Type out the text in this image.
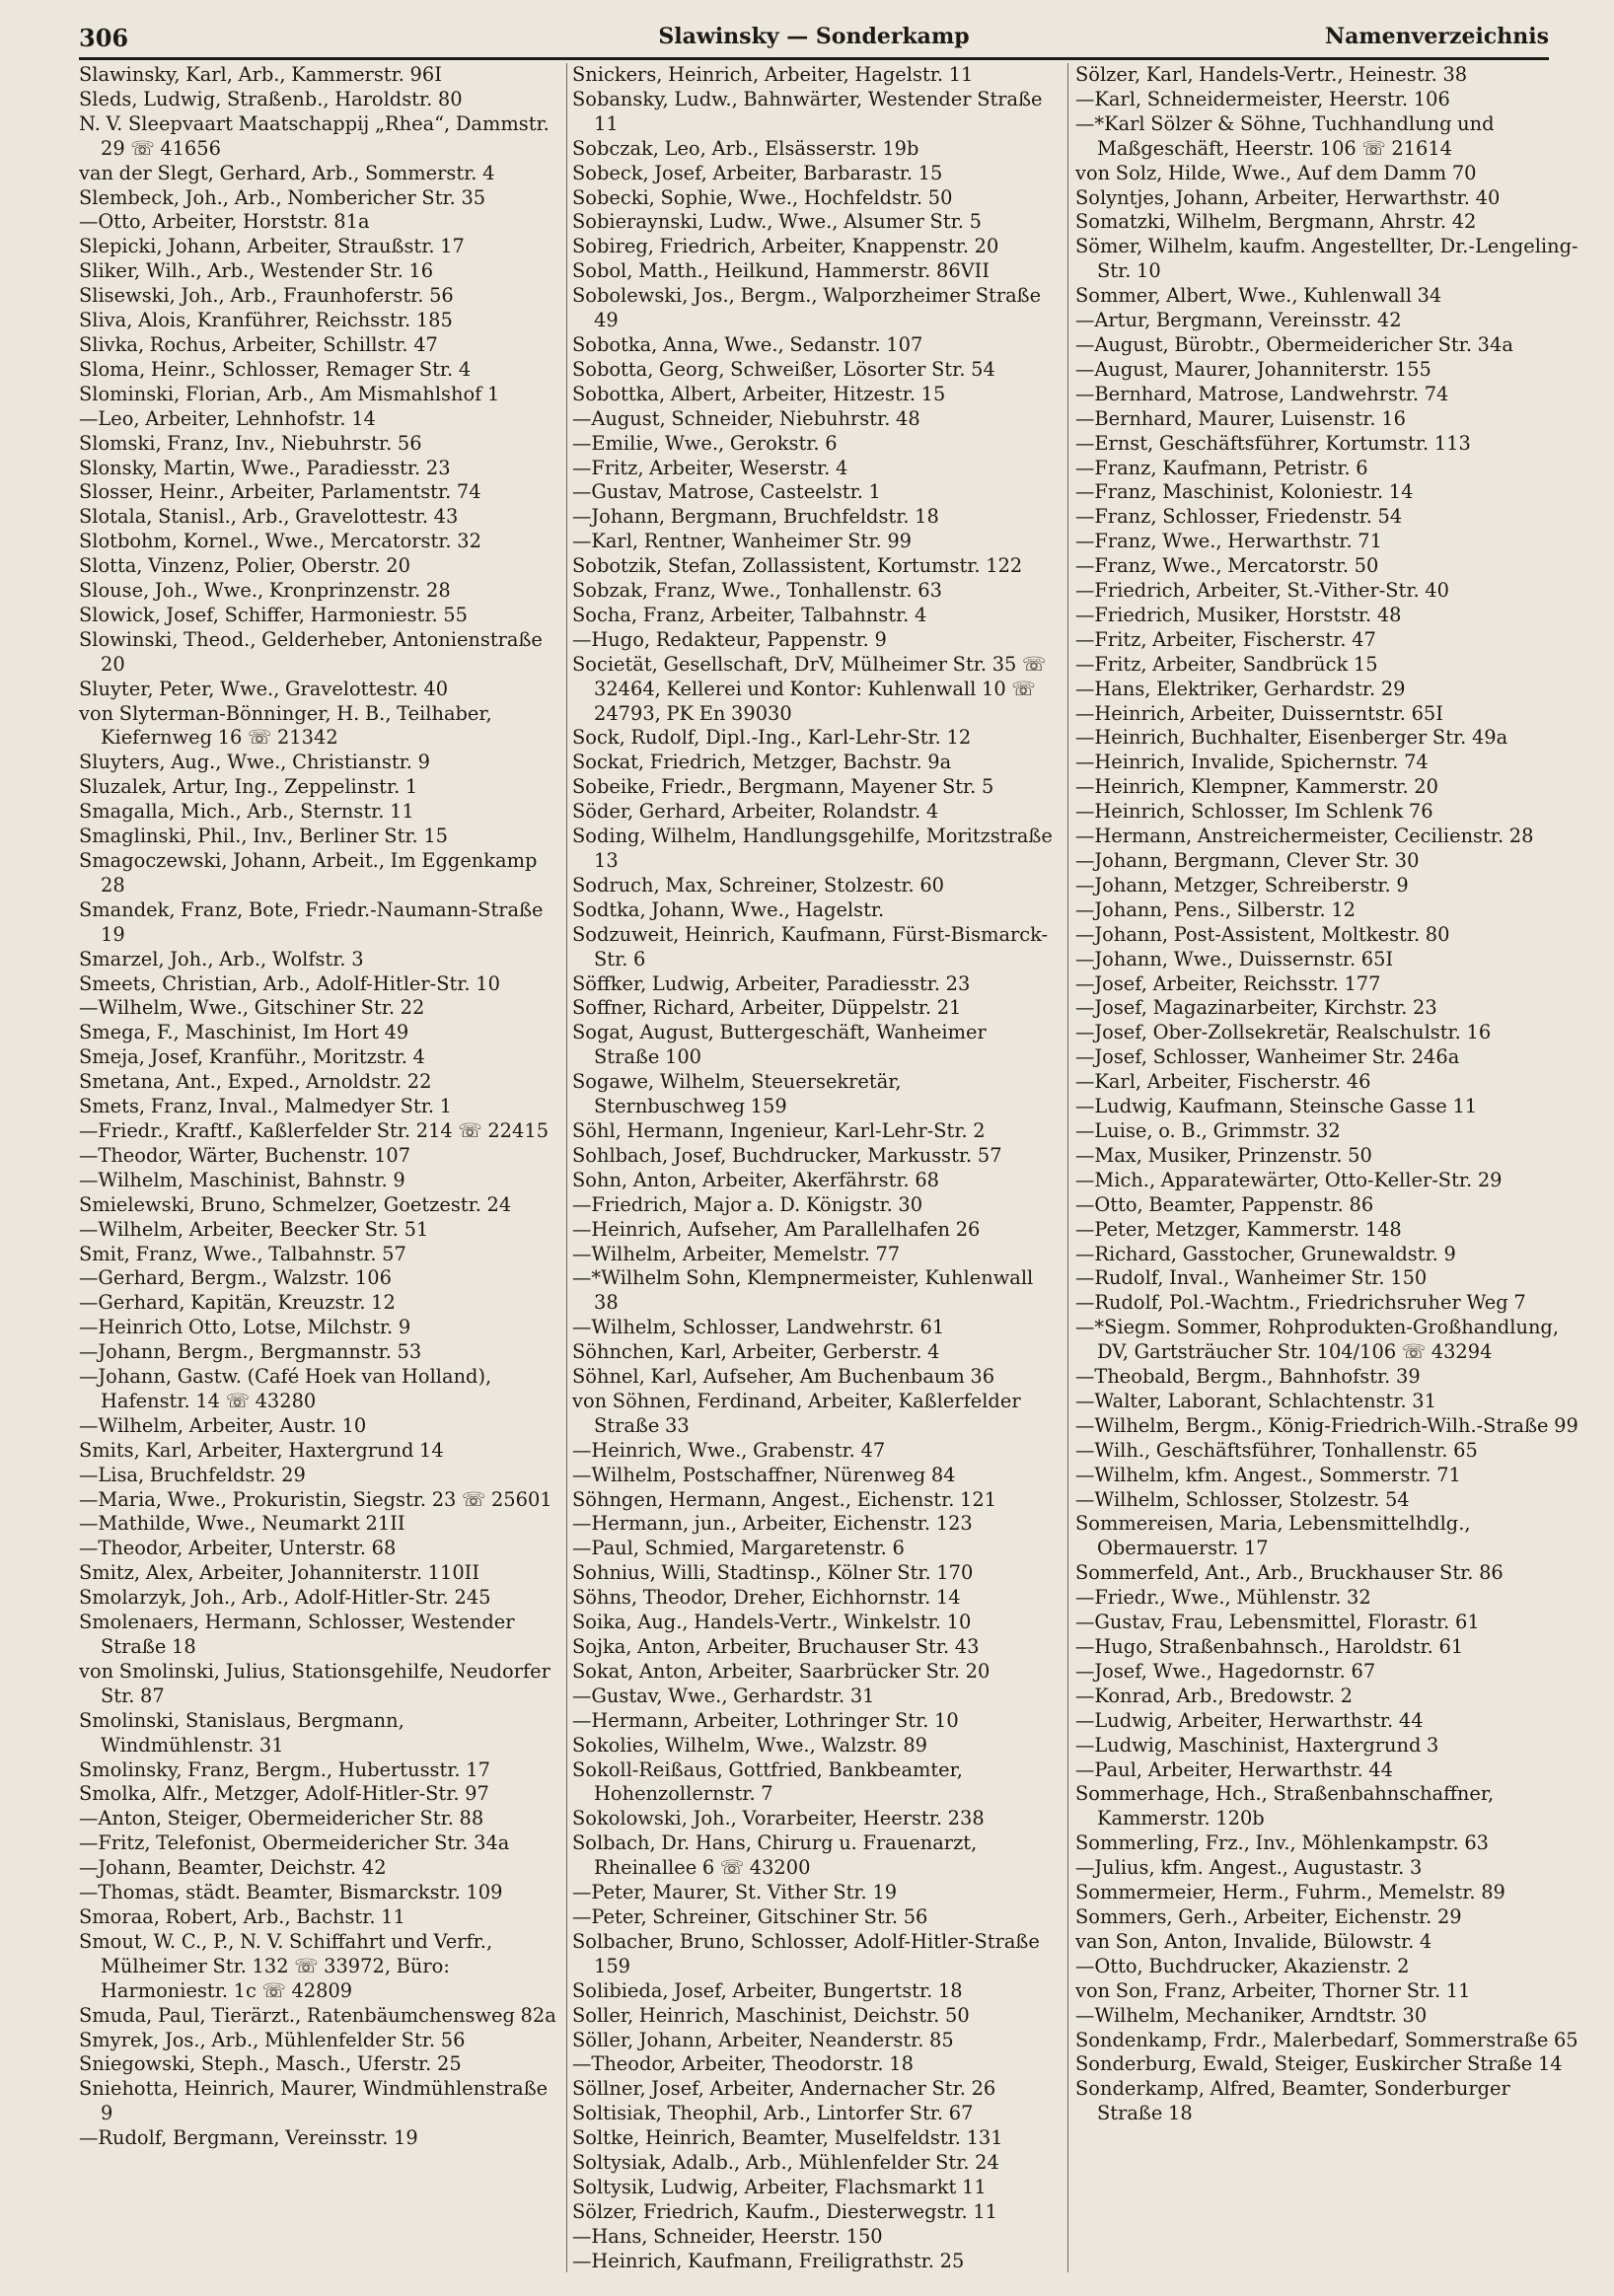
306	Slawinsky — Sonderkamp	Namenverzeichnis

Slawinsky, Karl, Arb., Kammerstr. 96I

Sleds, Ludwig, Straßenb., Haroldstr. 80

N. V. Sleepvaart Maatschappij „Rhea“, Dammstr. 29 ☏ 41656

van der Slegt, Gerhard, Arb., Sommerstr. 4

Slembeck, Joh., Arb., Nombericher Str. 35

—Otto, Arbeiter, Horststr. 81a

Slepicki, Johann, Arbeiter, Straußstr. 17

Sliker, Wilh., Arb., Westender Str. 16

Slisewski, Joh., Arb., Fraunhoferstr. 56

Sliva, Alois, Kranführer, Reichsstr. 185

Slivka, Rochus, Arbeiter, Schillstr. 47

Sloma, Heinr., Schlosser, Remager Str. 4

Slominski, Florian, Arb., Am Mismahlshof 1

—Leo, Arbeiter, Lehnhofstr. 14

Slomski, Franz, Inv., Niebuhrstr. 56

Slonsky, Martin, Wwe., Paradiesstr. 23

Slosser, Heinr., Arbeiter, Parlamentstr. 74

Slotala, Stanisl., Arb., Gravelottestr. 43

Slotbohm, Kornel., Wwe., Mercatorstr. 32

Slotta, Vinzenz, Polier, Oberstr. 20

Slouse, Joh., Wwe., Kronprinzenstr. 28

Slowick, Josef, Schiffer, Harmoniestr. 55

Slowinski, Theod., Gelderheber, Antonienstraße 20

Sluyter, Peter, Wwe., Gravelottestr. 40

von Slyterman-Bönninger, H. B., Teilhaber, Kiefernweg 16 ☏ 21342

Sluyters, Aug., Wwe., Christianstr. 9

Sluzalek, Artur, Ing., Zeppelinstr. 1

Smagalla, Mich., Arb., Sternstr. 11

Smaglinski, Phil., Inv., Berliner Str. 15

Smagoczewski, Johann, Arbeit., Im Eggenkamp 28

Smandek, Franz, Bote, Friedr.-Naumann-Straße 19

Smarzel, Joh., Arb., Wolfstr. 3

Smeets, Christian, Arb., Adolf-Hitler-Str. 10

—Wilhelm, Wwe., Gitschiner Str. 22

Smega, F., Maschinist, Im Hort 49

Smeja, Josef, Kranführ., Moritzstr. 4

Smetana, Ant., Exped., Arnoldstr. 22

Smets, Franz, Inval., Malmedyer Str. 1

—Friedr., Kraftf., Kaßlerfelder Str. 214 ☏ 22415

—Theodor, Wärter, Buchenstr. 107

—Wilhelm, Maschinist, Bahnstr. 9

Smielewski, Bruno, Schmelzer, Goetzestr. 24

—Wilhelm, Arbeiter, Beecker Str. 51

Smit, Franz, Wwe., Talbahnstr. 57

—Gerhard, Bergm., Walzstr. 106

—Gerhard, Kapitän, Kreuzstr. 12

—Heinrich Otto, Lotse, Milchstr. 9

—Johann, Bergm., Bergmannstr. 53

—Johann, Gastw. (Café Hoek van Holland), Hafenstr. 14 ☏ 43280

—Wilhelm, Arbeiter, Austr. 10

Smits, Karl, Arbeiter, Haxtergrund 14

—Lisa, Bruchfeldstr. 29

—Maria, Wwe., Prokuristin, Siegstr. 23 ☏ 25601

—Mathilde, Wwe., Neumarkt 21II

—Theodor, Arbeiter, Unterstr. 68

Smitz, Alex, Arbeiter, Johanniterstr. 110II

Smolarzyk, Joh., Arb., Adolf-Hitler-Str. 245

Smolenaers, Hermann, Schlosser, Westender Straße 18

von Smolinski, Julius, Stationsgehilfe, Neudorfer Str. 87

Smolinski, Stanislaus, Bergmann, Windmühlenstr. 31

Smolinsky, Franz, Bergm., Hubertusstr. 17

Smolka, Alfr., Metzger, Adolf-Hitler-Str. 97

—Anton, Steiger, Obermeidericher Str. 88

—Fritz, Telefonist, Obermeidericher Str. 34a

—Johann, Beamter, Deichstr. 42

—Thomas, städt. Beamter, Bismarckstr. 109

Smoraa, Robert, Arb., Bachstr. 11

Smout, W. C., P., N. V. Schiffahrt und Verfr., Mülheimer Str. 132 ☏ 33972, Büro: Harmoniestr. 1c ☏ 42809

Smuda, Paul, Tierärzt., Ratenbäumchensweg 82a

Smyrek, Jos., Arb., Mühlenfelder Str. 56

Sniegowski, Steph., Masch., Uferstr. 25

Sniehotta, Heinrich, Maurer, Windmühlenstraße 9

—Rudolf, Bergmann, Vereinsstr. 19

Snickers, Heinrich, Arbeiter, Hagelstr. 11

Sobansky, Ludw., Bahnwärter, Westender Straße 11

Sobczak, Leo, Arb., Elsässerstr. 19b

Sobeck, Josef, Arbeiter, Barbarastr. 15

Sobecki, Sophie, Wwe., Hochfeldstr. 50

Sobieraynski, Ludw., Wwe., Alsumer Str. 5

Sobireg, Friedrich, Arbeiter, Knappenstr. 20

Sobol, Matth., Heilkund, Hammerstr. 86VII

Sobolewski, Jos., Bergm., Walporzheimer Straße 49

Sobotka, Anna, Wwe., Sedanstr. 107

Sobotta, Georg, Schweißer, Lösorter Str. 54

Sobottka, Albert, Arbeiter, Hitzestr. 15

—August, Schneider, Niebuhrstr. 48

—Emilie, Wwe., Gerokstr. 6

—Fritz, Arbeiter, Weserstr. 4

—Gustav, Matrose, Casteelstr. 1

—Johann, Bergmann, Bruchfeldstr. 18

—Karl, Rentner, Wanheimer Str. 99

Sobotzik, Stefan, Zollassistent, Kortumstr. 122

Sobzak, Franz, Wwe., Tonhallenstr. 63

Socha, Franz, Arbeiter, Talbahnstr. 4

—Hugo, Redakteur, Pappenstr. 9

Societät, Gesellschaft, DrV, Mülheimer Str. 35 ☏ 32464, Kellerei und Kontor: Kuhlenwall 10 ☏ 24793, PK En 39030

Sock, Rudolf, Dipl.-Ing., Karl-Lehr-Str. 12

Sockat, Friedrich, Metzger, Bachstr. 9a

Sobeike, Friedr., Bergmann, Mayener Str. 5

Söder, Gerhard, Arbeiter, Rolandstr. 4

Soding, Wilhelm, Handlungsgehilfe, Moritzstraße 13

Sodruch, Max, Schreiner, Stolzestr. 60

Sodtka, Johann, Wwe., Hagelstr.

Sodzuweit, Heinrich, Kaufmann, Fürst-Bismarck-Str. 6

Söffker, Ludwig, Arbeiter, Paradiesstr. 23

Soffner, Richard, Arbeiter, Düppelstr. 21

Sogat, August, Buttergeschäft, Wanheimer Straße 100

Sogawe, Wilhelm, Steuersekretär, Sternbuschweg 159

Söhl, Hermann, Ingenieur, Karl-Lehr-Str. 2

Sohlbach, Josef, Buchdrucker, Markusstr. 57

Sohn, Anton, Arbeiter, Akerfährstr. 68

—Friedrich, Major a. D. Königstr. 30

—Heinrich, Aufseher, Am Parallelhafen 26

—Wilhelm, Arbeiter, Memelstr. 77

—*Wilhelm Sohn, Klempnermeister, Kuhlenwall 38

—Wilhelm, Schlosser, Landwehrstr. 61

Söhnchen, Karl, Arbeiter, Gerberstr. 4

Söhnel, Karl, Aufseher, Am Buchenbaum 36

von Söhnen, Ferdinand, Arbeiter, Kaßlerfelder Straße 33

—Heinrich, Wwe., Grabenstr. 47

—Wilhelm, Postschaffner, Nürenweg 84

Söhngen, Hermann, Angest., Eichenstr. 121

—Hermann, jun., Arbeiter, Eichenstr. 123

—Paul, Schmied, Margaretenstr. 6

Sohnius, Willi, Stadtinsp., Kölner Str. 170

Söhns, Theodor, Dreher, Eichhornstr. 14

Soika, Aug., Handels-Vertr., Winkelstr. 10

Sojka, Anton, Arbeiter, Bruchauser Str. 43

Sokat, Anton, Arbeiter, Saarbrücker Str. 20

—Gustav, Wwe., Gerhardstr. 31

—Hermann, Arbeiter, Lothringer Str. 10

Sokolies, Wilhelm, Wwe., Walzstr. 89

Sokoll-Reißaus, Gottfried, Bankbeamter, Hohenzollernstr. 7

Sokolowski, Joh., Vorarbeiter, Heerstr. 238

Solbach, Dr. Hans, Chirurg u. Frauenarzt, Rheinallee 6 ☏ 43200

—Peter, Maurer, St. Vither Str. 19

—Peter, Schreiner, Gitschiner Str. 56

Solbacher, Bruno, Schlosser, Adolf-Hitler-Straße 159

Solibieda, Josef, Arbeiter, Bungertstr. 18

Soller, Heinrich, Maschinist, Deichstr. 50

Söller, Johann, Arbeiter, Neanderstr. 85

—Theodor, Arbeiter, Theodorstr. 18

Söllner, Josef, Arbeiter, Andernacher Str. 26

Soltisiak, Theophil, Arb., Lintorfer Str. 67

Soltke, Heinrich, Beamter, Muselfeldstr. 131

Soltysiak, Adalb., Arb., Mühlenfelder Str. 24

Soltysik, Ludwig, Arbeiter, Flachsmarkt 11

Sölzer, Friedrich, Kaufm., Diesterwegstr. 11

—Hans, Schneider, Heerstr. 150

—Heinrich, Kaufmann, Freiligrathstr. 25

Sölzer, Karl, Handels-Vertr., Heinestr. 38

—Karl, Schneidermeister, Heerstr. 106

—*Karl Sölzer & Söhne, Tuchhandlung und Maßgeschäft, Heerstr. 106 ☏ 21614

von Solz, Hilde, Wwe., Auf dem Damm 70

Solyntjes, Johann, Arbeiter, Herwarthstr. 40

Somatzki, Wilhelm, Bergmann, Ahrstr. 42

Sömer, Wilhelm, kaufm. Angestellter, Dr.-Lengeling-Str. 10

Sommer, Albert, Wwe., Kuhlenwall 34

—Artur, Bergmann, Vereinsstr. 42

—August, Bürobtr., Obermeidericher Str. 34a

—August, Maurer, Johanniterstr. 155

—Bernhard, Matrose, Landwehrstr. 74

—Bernhard, Maurer, Luisenstr. 16

—Ernst, Geschäftsführer, Kortumstr. 113

—Franz, Kaufmann, Petristr. 6

—Franz, Maschinist, Koloniestr. 14

—Franz, Schlosser, Friedenstr. 54

—Franz, Wwe., Herwarthstr. 71

—Franz, Wwe., Mercatorstr. 50

—Friedrich, Arbeiter, St.-Vither-Str. 40

—Friedrich, Musiker, Horststr. 48

—Fritz, Arbeiter, Fischerstr. 47

—Fritz, Arbeiter, Sandbrück 15

—Hans, Elektriker, Gerhardstr. 29

—Heinrich, Arbeiter, Duisserntstr. 65I

—Heinrich, Buchhalter, Eisenberger Str. 49a

—Heinrich, Invalide, Spichernstr. 74

—Heinrich, Klempner, Kammerstr. 20

—Heinrich, Schlosser, Im Schlenk 76

—Hermann, Anstreichermeister, Cecilienstr. 28

—Johann, Bergmann, Clever Str. 30

—Johann, Metzger, Schreiberstr. 9

—Johann, Pens., Silberstr. 12

—Johann, Post-Assistent, Moltkestr. 80

—Johann, Wwe., Duissernstr. 65I

—Josef, Arbeiter, Reichsstr. 177

—Josef, Magazinarbeiter, Kirchstr. 23

—Josef, Ober-Zollsekretär, Realschulstr. 16

—Josef, Schlosser, Wanheimer Str. 246a

—Karl, Arbeiter, Fischerstr. 46

—Ludwig, Kaufmann, Steinsche Gasse 11

—Luise, o. B., Grimmstr. 32

—Max, Musiker, Prinzenstr. 50

—Mich., Apparatewärter, Otto-Keller-Str. 29

—Otto, Beamter, Pappenstr. 86

—Peter, Metzger, Kammerstr. 148

—Richard, Gasstocher, Grunewaldstr. 9

—Rudolf, Inval., Wanheimer Str. 150

—Rudolf, Pol.-Wachtm., Friedrichsruher Weg 7

—*Siegm. Sommer, Rohprodukten-Großhandlung, DV, Gartsträucher Str. 104/106 ☏ 43294

—Theobald, Bergm., Bahnhofstr. 39

—Walter, Laborant, Schlachtenstr. 31

—Wilhelm, Bergm., König-Friedrich-Wilh.-Straße 99

—Wilh., Geschäftsführer, Tonhallenstr. 65

—Wilhelm, kfm. Angest., Sommerstr. 71

—Wilhelm, Schlosser, Stolzestr. 54

Sommereisen, Maria, Lebensmittelhdlg., Obermauerstr. 17

Sommerfeld, Ant., Arb., Bruckhauser Str. 86

—Friedr., Wwe., Mühlenstr. 32

—Gustav, Frau, Lebensmittel, Florastr. 61

—Hugo, Straßenbahnsch., Haroldstr. 61

—Josef, Wwe., Hagedornstr. 67

—Konrad, Arb., Bredowstr. 2

—Ludwig, Arbeiter, Herwarthstr. 44

—Ludwig, Maschinist, Haxtergrund 3

—Paul, Arbeiter, Herwarthstr. 44

Sommerhage, Hch., Straßenbahnschaffner, Kammerstr. 120b

Sommerling, Frz., Inv., Möhlenkampstr. 63

—Julius, kfm. Angest., Augustastr. 3

Sommermeier, Herm., Fuhrm., Memelstr. 89

Sommers, Gerh., Arbeiter, Eichenstr. 29

van Son, Anton, Invalide, Bülowstr. 4

—Otto, Buchdrucker, Akazienstr. 2

von Son, Franz, Arbeiter, Thorner Str. 11

—Wilhelm, Mechaniker, Arndtstr. 30

Sondenkamp, Frdr., Malerbedarf, Sommerstraße 65

Sonderburg, Ewald, Steiger, Euskircher Straße 14

Sonderkamp, Alfred, Beamter, Sonderburger Straße 18
